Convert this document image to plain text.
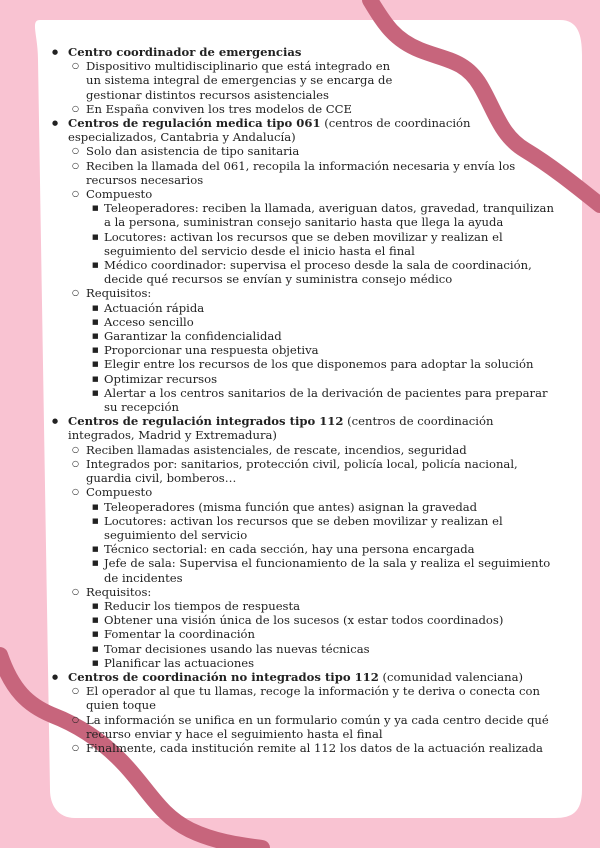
● Centro coordinador de emergencias
○ Dispositivo multidisciplinario que está integrado en un sistema integral de emergencias y se encarga de gestionar distintos recursos asistenciales
○ En España conviven los tres modelos de CCE
● Centros de regulación medica tipo 061 (centros de coordinación especializados, Cantabria y Andalucía)
○ Solo dan asistencia de tipo sanitaria
○ Reciben la llamada del 061, recopila la información necesaria y envía los recursos necesarios
○ Compuesto
■ Teleoperadores: reciben la llamada, averiguan datos, gravedad, tranquilizan a la persona, suministran consejo sanitario hasta que llega la ayuda
■ Locutores: activan los recursos que se deben movilizar y realizan el seguimiento del servicio desde el inicio hasta el final
■ Médico coordinador: supervisa el proceso desde la sala de coordinación, decide qué recursos se envían y suministra consejo médico
○ Requisitos:
■ Actuación rápida
■ Acceso sencillo
■ Garantizar la confidencialidad
■ Proporcionar una respuesta objetiva
■ Elegir entre los recursos de los que disponemos para adoptar la solución
■ Optimizar recursos
■ Alertar a los centros sanitarios de la derivación de pacientes para preparar su recepción
● Centros de regulación integrados tipo 112 (centros de coordinación integrados, Madrid y Extremadura)
○ Reciben llamadas asistenciales, de rescate, incendios, seguridad
○ Integrados por: sanitarios, protección civil, policía local, policía nacional, guardia civil, bomberos…
○ Compuesto
■ Teleoperadores (misma función que antes) asignan la gravedad
■ Locutores: activan los recursos que se deben movilizar y realizan el seguimiento del servicio
■ Técnico sectorial: en cada sección, hay una persona encargada
■ Jefe de sala: Supervisa el funcionamiento de la sala y realiza el seguimiento de incidentes
○ Requisitos:
■ Reducir los tiempos de respuesta
■ Obtener una visión única de los sucesos (x estar todos coordinados)
■ Fomentar la coordinación
■ Tomar decisiones usando las nuevas técnicas
■ Planificar las actuaciones
● Centros de coordinación no integrados tipo 112 (comunidad valenciana)
○ El operador al que tu llamas, recoge la información y te deriva o conecta con quien toque
○ La información se unifica en un formulario común y ya cada centro decide qué recurso enviar y hace el seguimiento hasta el final
○ Finalmente, cada institución remite al 112 los datos de la actuación realizada
